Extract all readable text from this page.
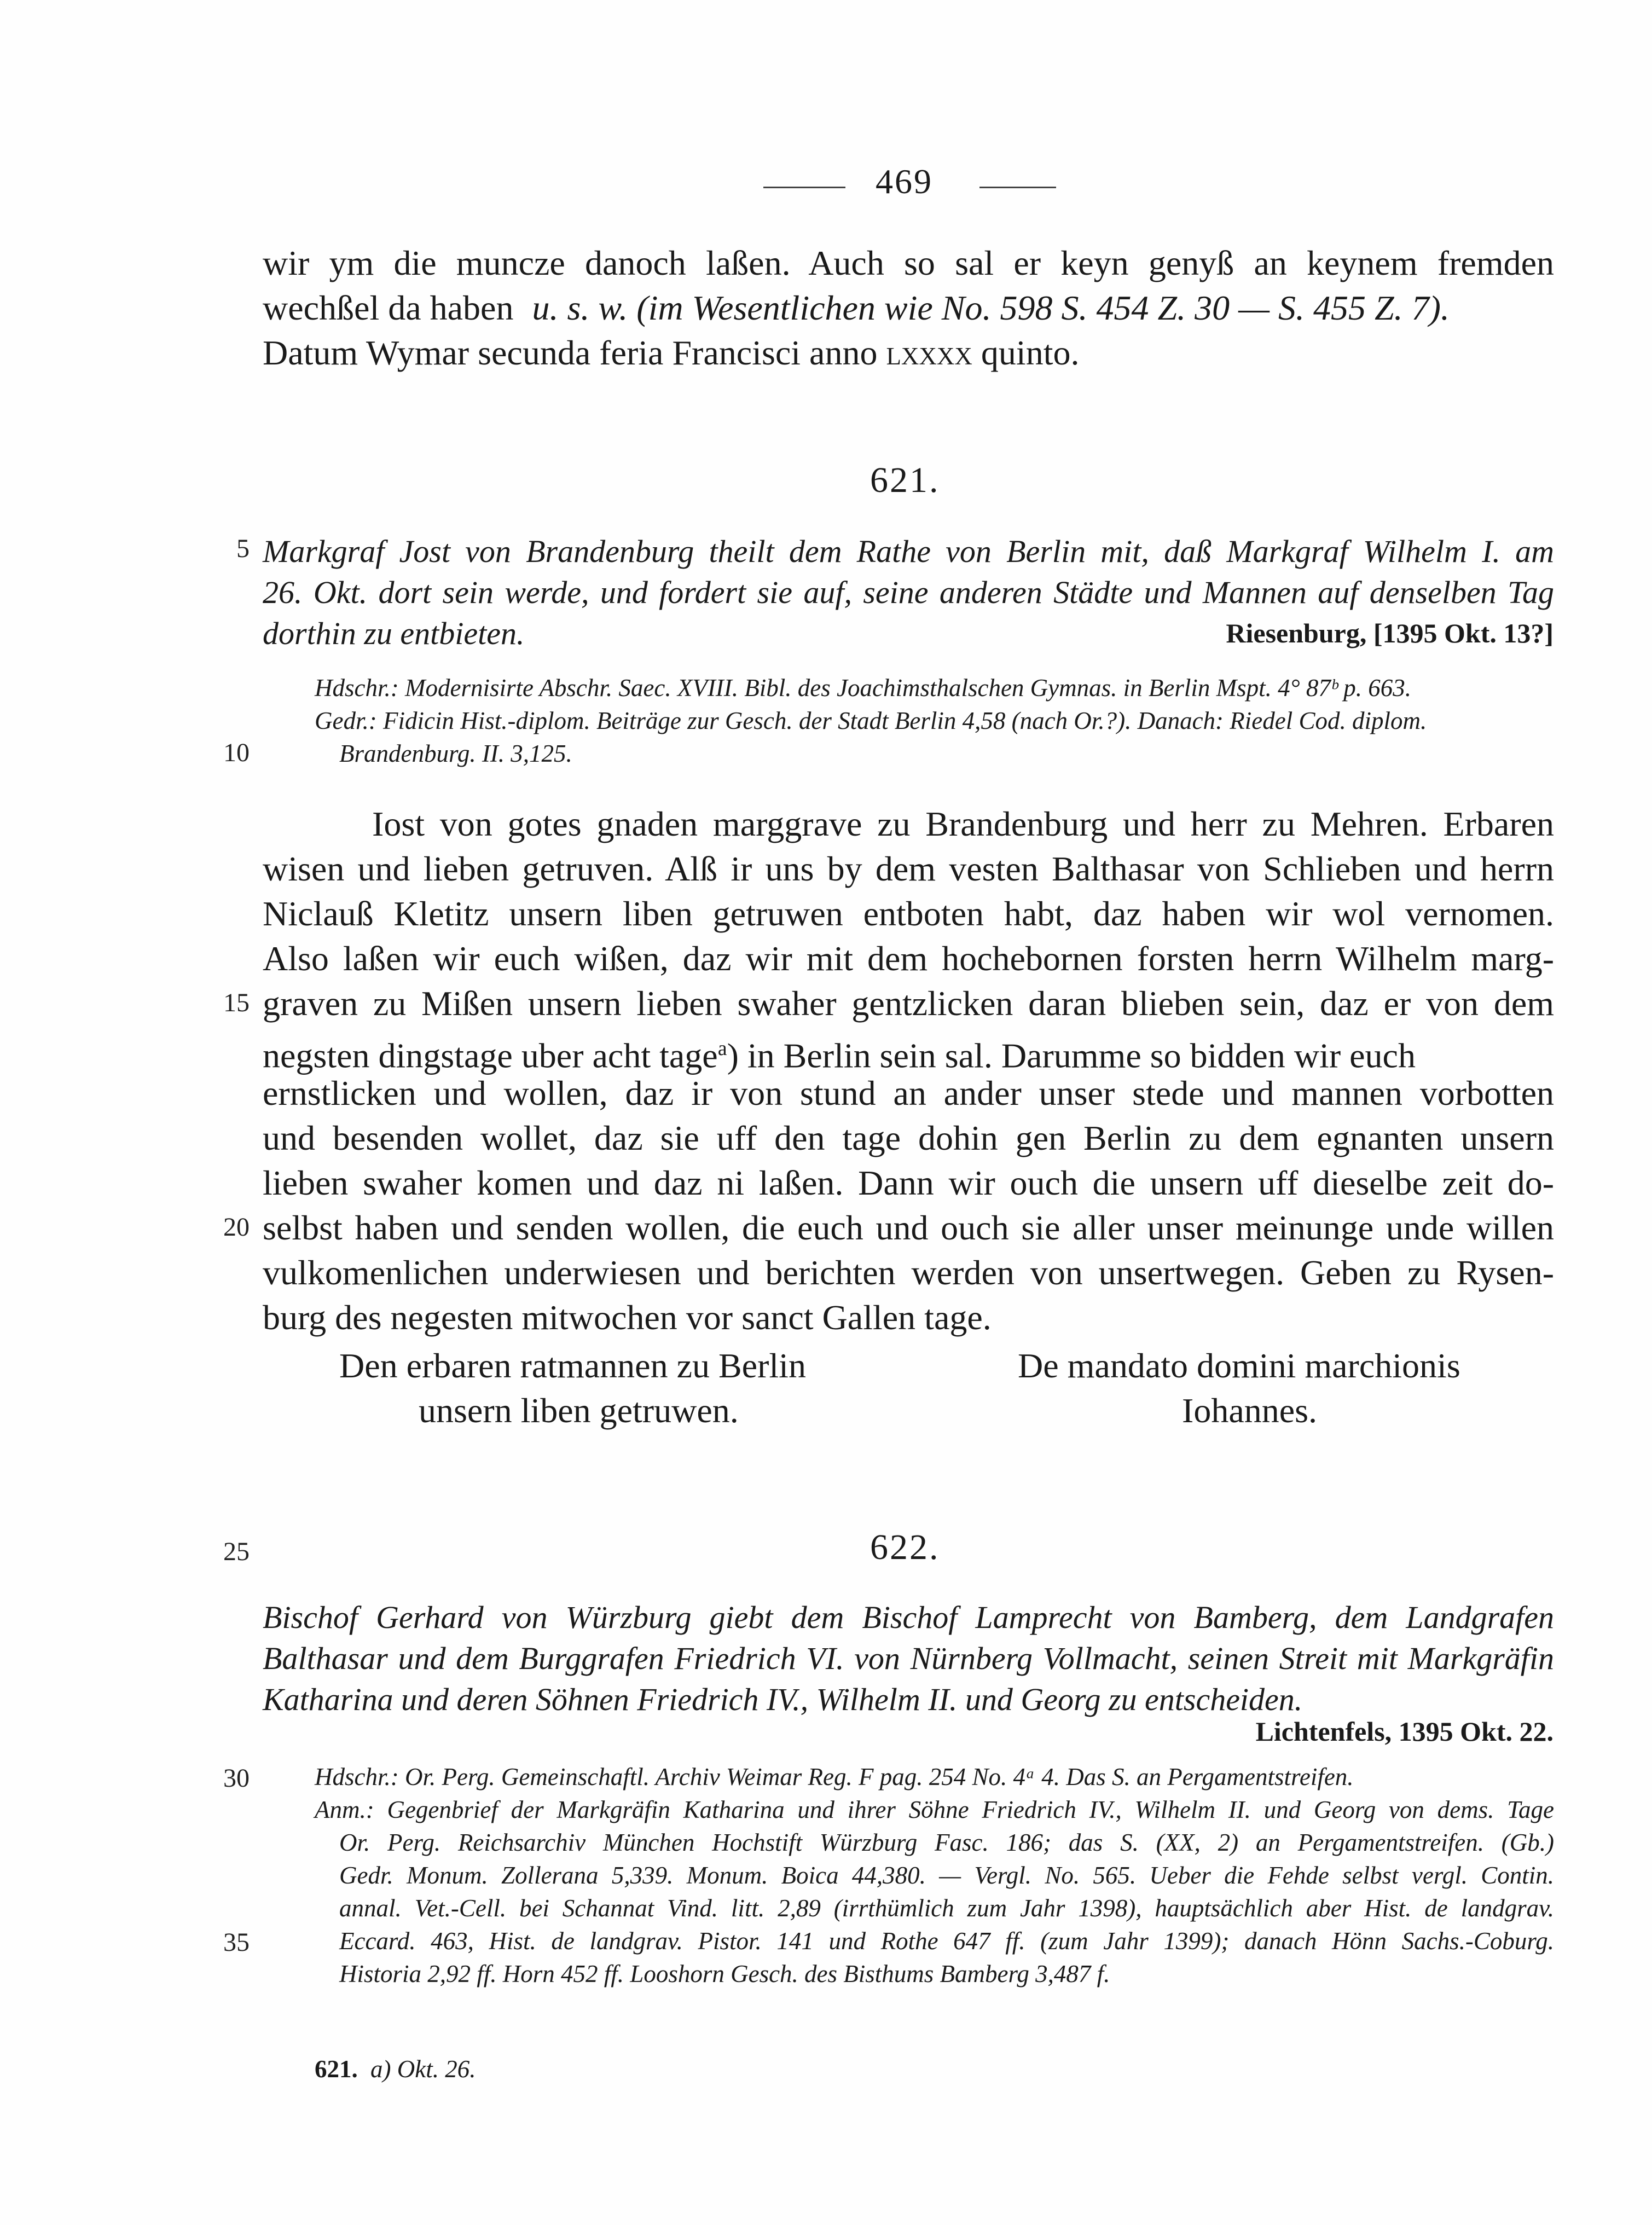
469
wir ym die muncze danoch laßen. Auch so sal er keyn genyß an keynem fremden
wechßel da haben u. s. w. (im Wesentlichen wie No. 598 S. 454 Z. 30 — S. 455 Z. 7).
Datum Wymar secunda feria Francisci anno lxxxx quinto.
621.
5 Markgraf Jost von Brandenburg theilt dem Rathe von Berlin mit, daß Markgraf Wilhelm I. am
26. Okt. dort sein werde, und fordert sie auf, seine anderen Städte und Mannen auf denselben Tag
dorthin zu entbieten.	Riesenburg, [1395 Okt. 13?]
Hdschr.: Modernisirte Abschr. Saec. XVIII. Bibl. des Joachimsthalschen Gymnas. in Berlin Mspt. 4° 87ᵇ p. 663.
Gedr.: Fidicin Hist.-diplom. Beiträge zur Gesch. der Stadt Berlin 4,58 (nach Or.?). Danach: Riedel Cod. diplom.
10	Brandenburg. II. 3,125.
Iost von gotes gnaden marggrave zu Brandenburg und herr zu Mehren. Erbaren
wisen und lieben getruven. Alß ir uns by dem vesten Balthasar von Schlieben und herrn
Niclauß Kletitz unsern liben getruwen entboten habt, daz haben wir wol vernomen.
Also laßen wir euch wißen, daz wir mit dem hochebornen forsten herrn Wilhelm marg-
15 graven zu Mißen unsern lieben swaher gentzlicken daran blieben sein, daz er von dem
negsten dingstage uber acht tage$^a$) in Berlin sein sal. Darumme so bidden wir euch
ernstlicken und wollen, daz ir von stund an ander unser stede und mannen vorbotten
und besenden wollet, daz sie uff den tage dohin gen Berlin zu dem egnanten unsern
lieben swaher komen und daz ni laßen. Dann wir ouch die unsern uff dieselbe zeit do-
20 selbst haben und senden wollen, die euch und ouch sie aller unser meinunge unde willen
vulkomenlichen underwiesen und berichten werden von unsertwegen. Geben zu Rysen-
burg des negesten mitwochen vor sanct Gallen tage.
Den erbaren ratmannen zu Berlin
unsern liben getruwen.
De mandato domini marchionis
Iohannes.
25	622.
Bischof Gerhard von Würzburg giebt dem Bischof Lamprecht von Bamberg, dem Landgrafen
Balthasar und dem Burggrafen Friedrich VI. von Nürnberg Vollmacht, seinen Streit mit Markgräfin
Katharina und deren Söhnen Friedrich IV., Wilhelm II. und Georg zu entscheiden.
Lichtenfels, 1395 Okt. 22.
30	Hdschr.: Or. Perg. Gemeinschaftl. Archiv Weimar Reg. F pag. 254 No. 4ᵃ 4. Das S. an Pergamentstreifen.
Anm.: Gegenbrief der Markgräfin Katharina und ihrer Söhne Friedrich IV., Wilhelm II. und Georg von dems. Tage
Or. Perg. Reichsarchiv München Hochstift Würzburg Fasc. 186; das S. (XX, 2) an Pergamentstreifen. (Gb.)
Gedr. Monum. Zollerana 5,339. Monum. Boica 44,380. — Vergl. No. 565. Ueber die Fehde selbst vergl. Contin.
annal. Vet.-Cell. bei Schannat Vind. litt. 2,89 (irrthümlich zum Jahr 1398), hauptsächlich aber Hist. de landgrav.
35	Eccard. 463, Hist. de landgrav. Pistor. 141 und Rothe 647 ff. (zum Jahr 1399); danach Hönn Sachs.-Coburg.
Historia 2,92 ff. Horn 452 ff. Looshorn Gesch. des Bisthums Bamberg 3,487 f.
621. a) Okt. 26.
